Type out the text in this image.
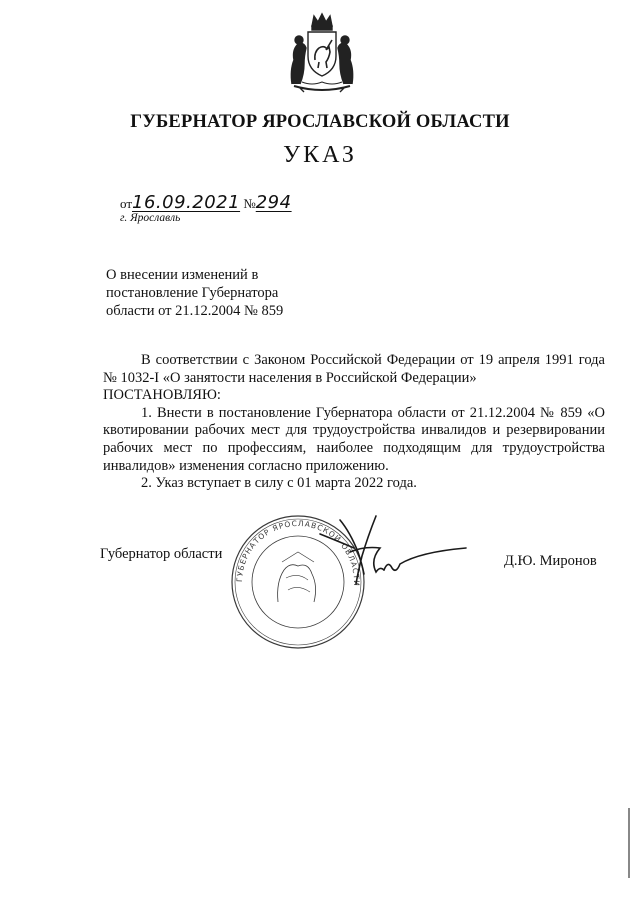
ГУБЕРНАТОР ЯРОСЛАВСКОЙ ОБЛАСТИ
УКАЗ
от16.09.2021 №294
г. Ярославль
О внесении изменений в
постановление Губернатора
области от 21.12.2004 № 859

В соответствии с Законом Российской Федерации от 19 апреля 1991 года № 1032-I «О занятости населения в Российской Федерации»

ПОСТАНОВЛЯЮ:

1. Внести в постановление Губернатора области от 21.12.2004 № 859 «О квотировании рабочих мест для трудоустройства инвалидов и резервировании рабочих мест по профессиям, наиболее подходящим для трудоустройства инвалидов» изменения согласно приложению.

2. Указ вступает в силу с 01 марта 2022 года.

Губернатор области
ГУБЕРНАТОР ЯРОСЛАВСКОЙ ОБЛАСТИ
Д.Ю. Миронов
